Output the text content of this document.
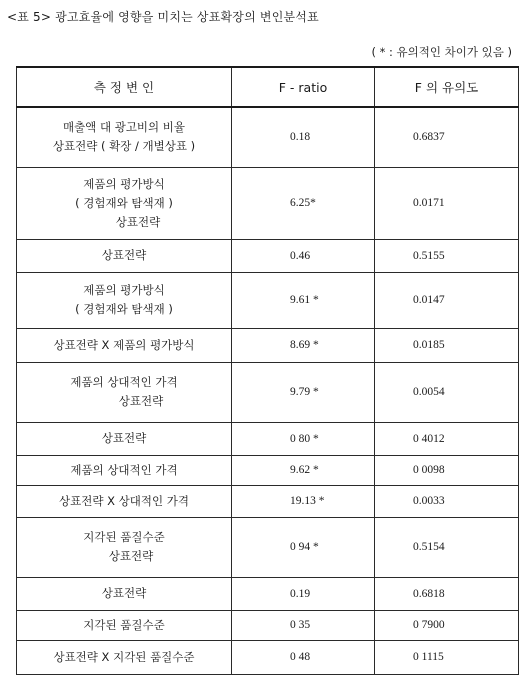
<표 5> 광고효율에 영향을 미치는 상표확장의 변인분석표
( * : 유의적인 차이가 있음 )
측 정 변 인	F - ratio	F 의 유의도

매출액 대 광고비의 비율
상표전략 ( 확장 / 개별상표 )	0.18	0.6837

제품의 평가방식
( 경험재와 탐색재 )
상표전략	6.25*	0.0171

상표전략	0.46	0.5155

제품의 평가방식
( 경험재와 탐색재 )	9.61 *	0.0147

상표전략 X 제품의 평가방식	8.69 *	0.0185

제품의 상대적인 가격
상표전략	9.79 *	0.0054

상표전략	0 80 *	0 4012

제품의 상대적인 가격	9.62 *	0 0098

상표전략 X 상대적인 가격	19.13 *	0.0033

지각된 품질수준
상표전략	0 94 *	0.5154

상표전략	0.19	0.6818

지각된 품질수준	0 35	0 7900

상표전략 X 지각된 품질수준	0 48	0 1115
